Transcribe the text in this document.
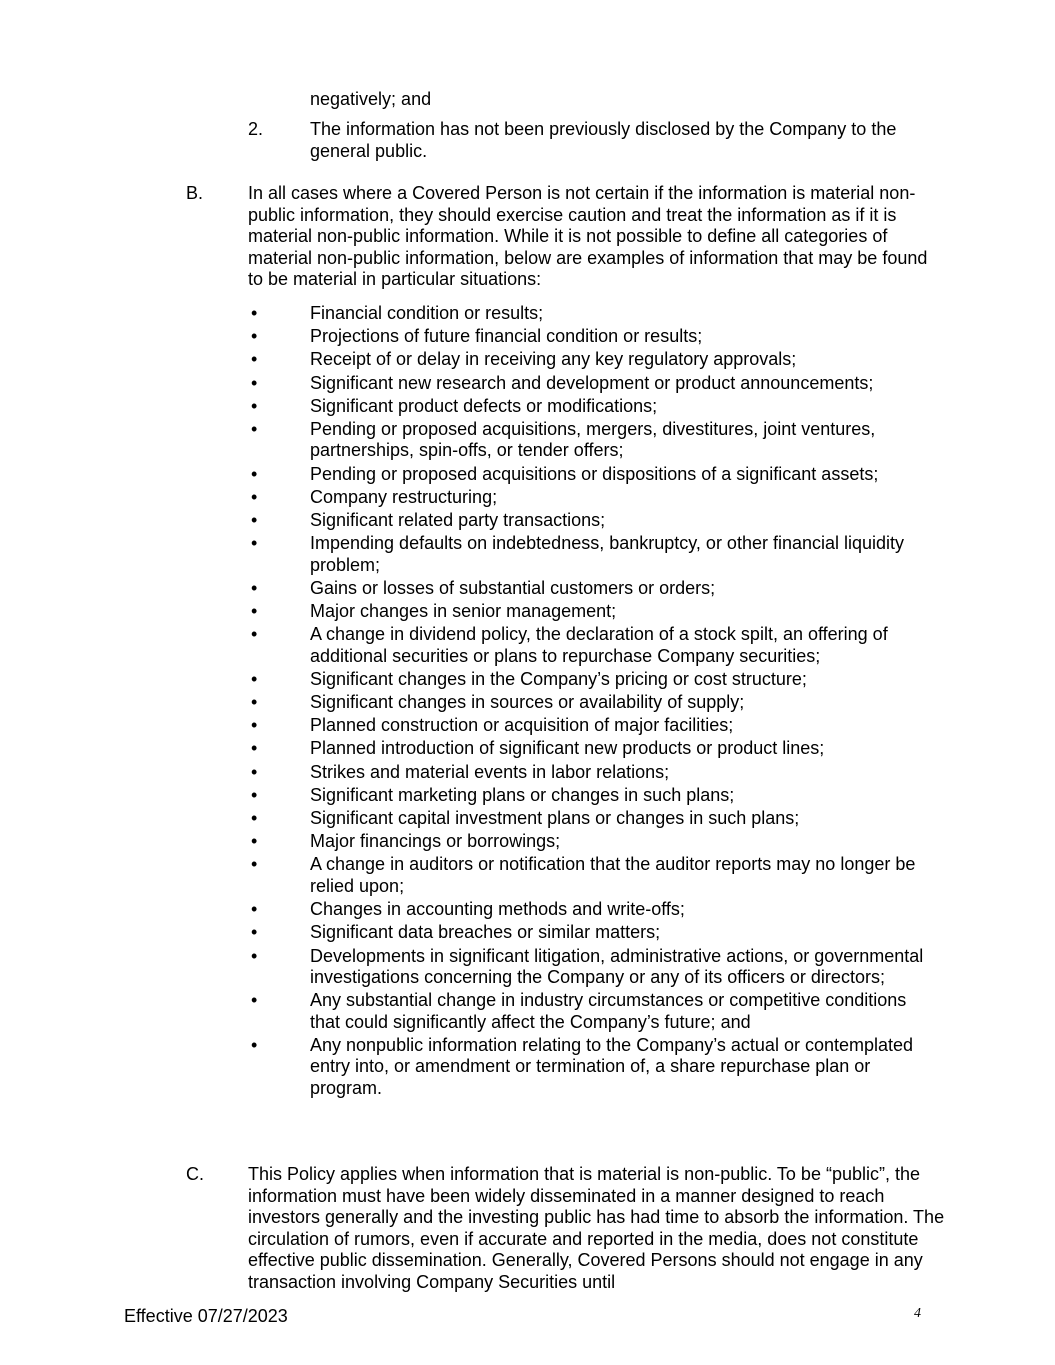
negatively; and
2.	The information has not been previously disclosed by the Company to the general public.
B. In all cases where a Covered Person is not certain if the information is material non-public information, they should exercise caution and treat the information as if it is material non-public information. While it is not possible to define all categories of material non-public information, below are examples of information that may be found to be material in particular situations:
•	Financial condition or results;
•	Projections of future financial condition or results;
•	Receipt of or delay in receiving any key regulatory approvals;
•	Significant new research and development or product announcements;
•	Significant product defects or modifications;
•	Pending or proposed acquisitions, mergers, divestitures, joint ventures, partnerships, spin-offs, or tender offers;
•	Pending or proposed acquisitions or dispositions of a significant assets;
•	Company restructuring;
•	Significant related party transactions;
•	Impending defaults on indebtedness, bankruptcy, or other financial liquidity problem;
•	Gains or losses of substantial customers or orders;
•	Major changes in senior management;
•	A change in dividend policy, the declaration of a stock spilt, an offering of additional securities or plans to repurchase Company securities;
•	Significant changes in the Company’s pricing or cost structure;
•	Significant changes in sources or availability of supply;
•	Planned construction or acquisition of major facilities;
•	Planned introduction of significant new products or product lines;
•	Strikes and material events in labor relations;
•	Significant marketing plans or changes in such plans;
•	Significant capital investment plans or changes in such plans;
•	Major financings or borrowings;
•	A change in auditors or notification that the auditor reports may no longer be relied upon;
•	Changes in accounting methods and write-offs;
•	Significant data breaches or similar matters;
•	Developments in significant litigation, administrative actions, or governmental investigations concerning the Company or any of its officers or directors;
•	Any substantial change in industry circumstances or competitive conditions that could significantly affect the Company’s future; and
•	Any nonpublic information relating to the Company’s actual or contemplated entry into, or amendment or termination of, a share repurchase plan or program.
C. This Policy applies when information that is material is non-public. To be “public”, the information must have been widely disseminated in a manner designed to reach investors generally and the investing public has had time to absorb the information. The circulation of rumors, even if accurate and reported in the media, does not constitute effective public dissemination. Generally, Covered Persons should not engage in any transaction involving Company Securities until
Effective 07/27/2023	4
